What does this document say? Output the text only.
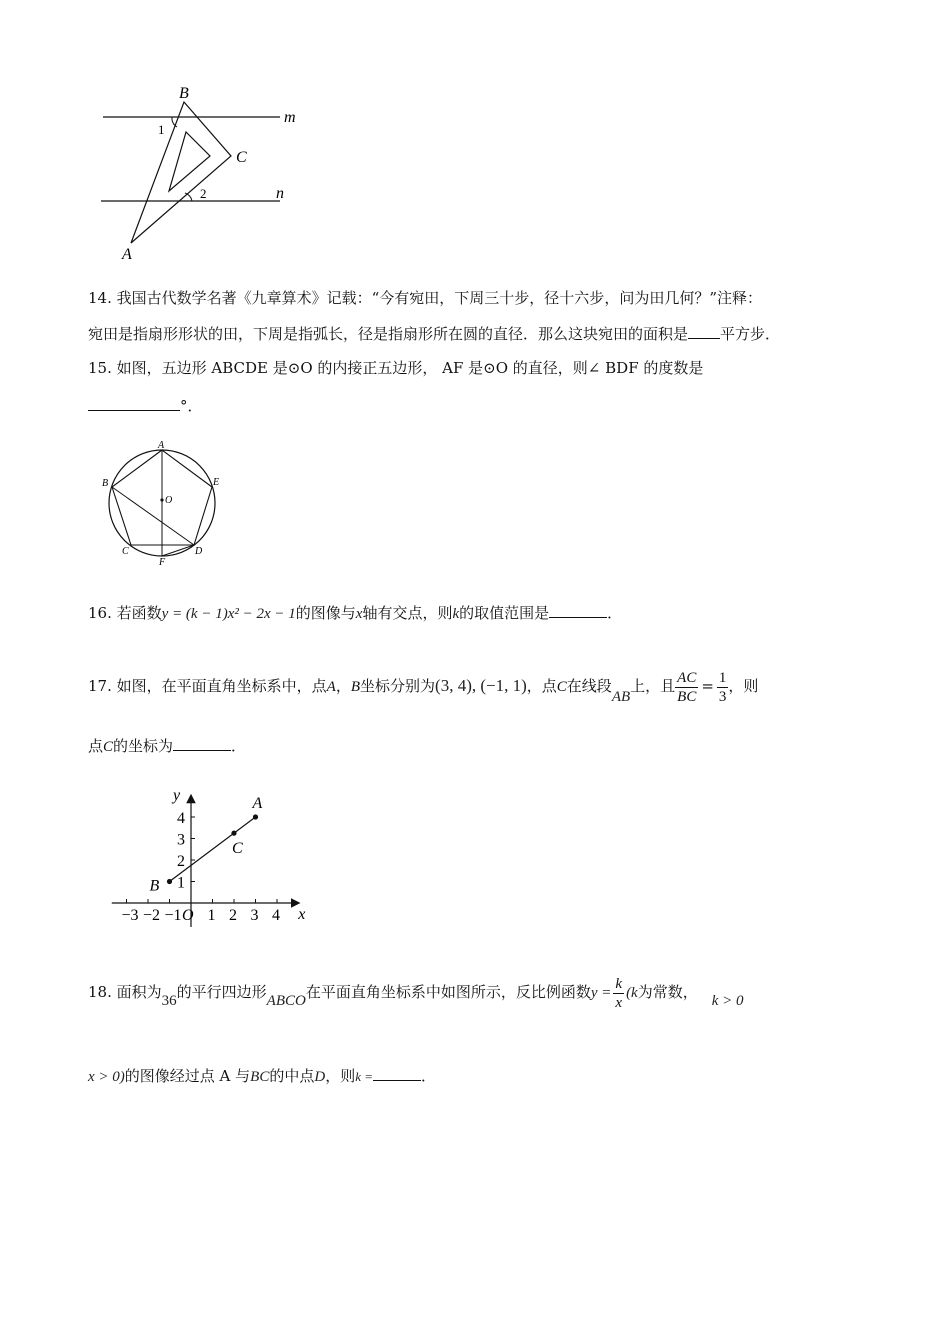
B
m
1
C
2	n
A
14. 我国古代数学名著《九章算术》记载：“今有宛田，下周三十步，径十六步，问为田几何？”注释：
宛田是指扇形形状的田，下周是指弧长，径是指扇形所在圆的直径．那么这块宛田的面积是 平方步．
15. 如图，五边形 ABCDE 是⊙O 的内接正五边形， AF 是⊙O 的直径，则∠ BDF 的度数是
°．
A
B	E
O
C	D
F
16. 若函数y = (k − 1)x² − 2x − 1的图像与x轴有交点，则k的取值范围是	．
17. 如图，在平面直角坐标系中，点A，B坐标分别为(3, 4), (−1, 1)，点C在线段AB上，且 $\frac{AC}{BC} = \frac{1}{3}$ ，则
点C的坐标为	．
x
y
O
−3 −2 −1 1 2 3 4
1
2
3
4
A
C
B
18. 面积为36的平行四边形ABCO在平面直角坐标系中如图所示，反比例函数$y = \frac{k}{x} (k$为常数， k > 0
x > 0)的图像经过点 A 与BC的中点D，则k =	．
